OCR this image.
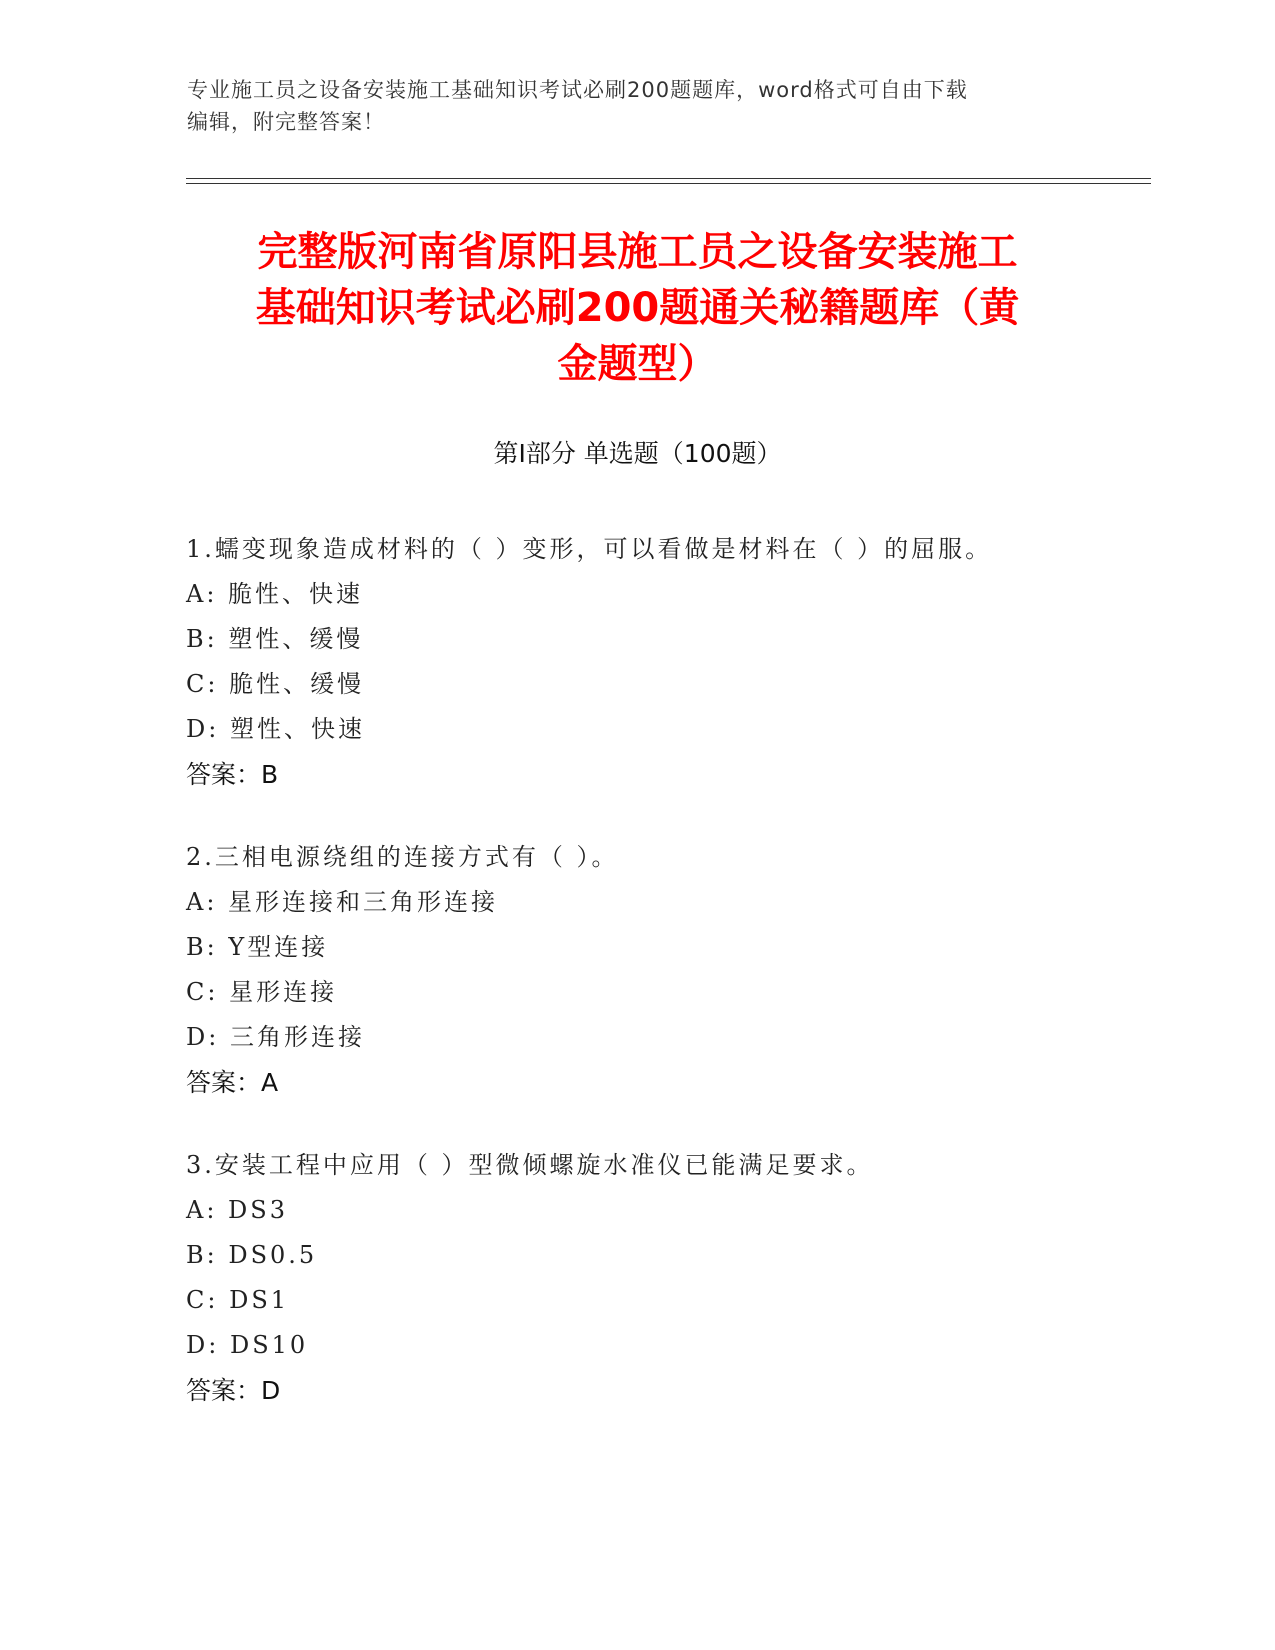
专业施工员之设备安装施工基础知识考试必刷200题题库，word格式可自由下载
编辑，附完整答案！
完整版河南省原阳县施工员之设备安装施工
基础知识考试必刷200题通关秘籍题库（黄
金题型）
第Ⅰ部分 单选题（100题）
1.蠕变现象造成材料的（ ）变形，可以看做是材料在（ ）的屈服。
A: 脆性、快速
B: 塑性、缓慢
C: 脆性、缓慢
D: 塑性、快速
答案：B
2.三相电源绕组的连接方式有（ ）。
A: 星形连接和三角形连接
B: Y型连接
C: 星形连接
D: 三角形连接
答案：A
3.安装工程中应用（ ）型微倾螺旋水准仪已能满足要求。
A: DS3
B: DS0.5
C: DS1
D: DS10
答案：D
